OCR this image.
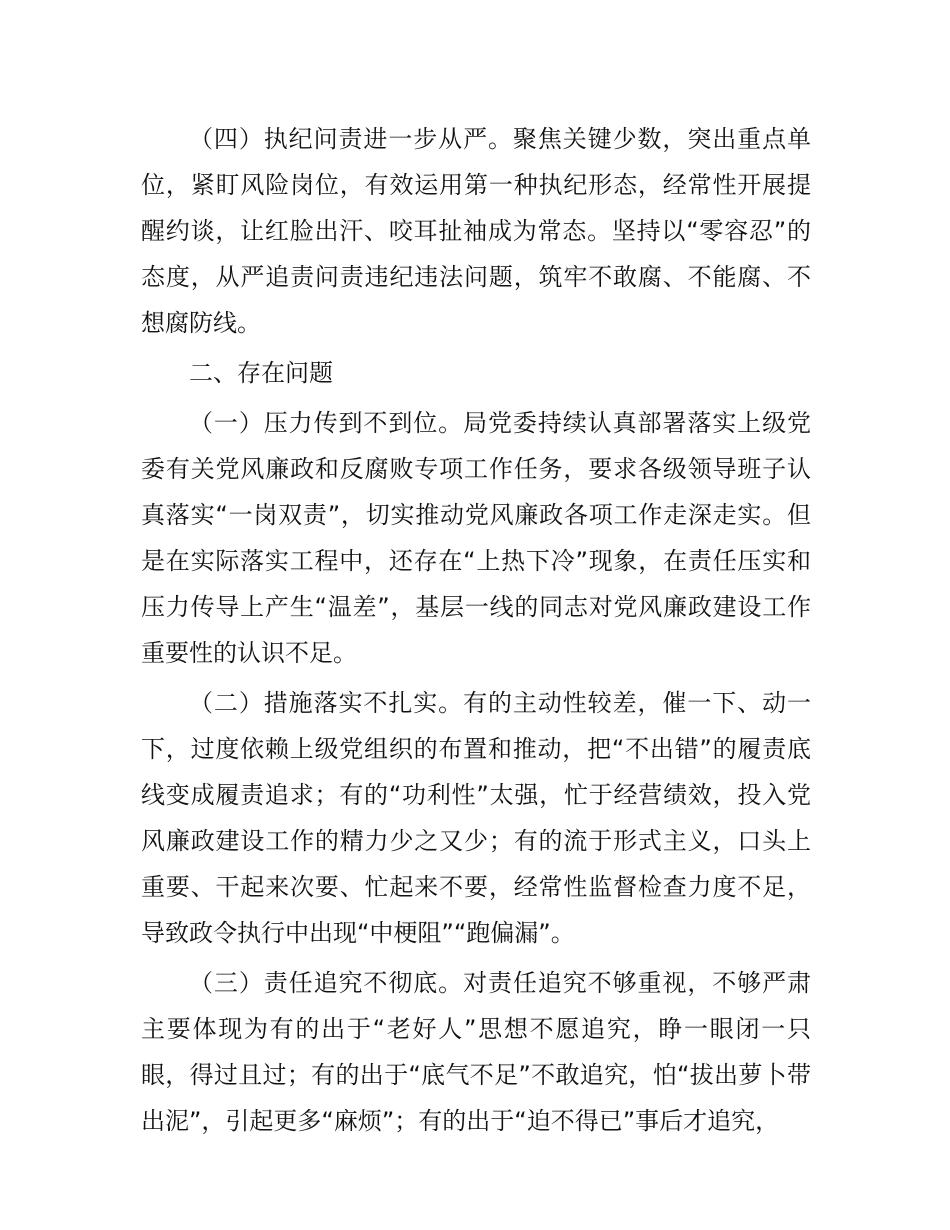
（四）执纪问责进一步从严。聚焦关键少数，突出重点单位，紧盯风险岗位，有效运用第一种执纪形态，经常性开展提醒约谈，让红脸出汗、咬耳扯袖成为常态。坚持以“零容忍”的态度，从严追责问责违纪违法问题，筑牢不敢腐、不能腐、不想腐防线。

二、存在问题

（一）压力传到不到位。局党委持续认真部署落实上级党委有关党风廉政和反腐败专项工作任务，要求各级领导班子认真落实“一岗双责”，切实推动党风廉政各项工作走深走实。但是在实际落实工程中，还存在“上热下冷”现象，在责任压实和压力传导上产生“温差”，基层一线的同志对党风廉政建设工作重要性的认识不足。

（二）措施落实不扎实。有的主动性较差，催一下、动一下，过度依赖上级党组织的布置和推动，把“不出错”的履责底线变成履责追求；有的“功利性”太强，忙于经营绩效，投入党风廉政建设工作的精力少之又少；有的流于形式主义，口头上重要、干起来次要、忙起来不要，经常性监督检查力度不足，导致政令执行中出现“中梗阻”“跑偏漏”。

（三）责任追究不彻底。对责任追究不够重视，不够严肃主要体现为有的出于“老好人”思想不愿追究，睁一眼闭一只眼，得过且过；有的出于“底气不足”不敢追究，怕“拔出萝卜带出泥”，引起更多“麻烦”；有的出于“迫不得已”事后才追究，
